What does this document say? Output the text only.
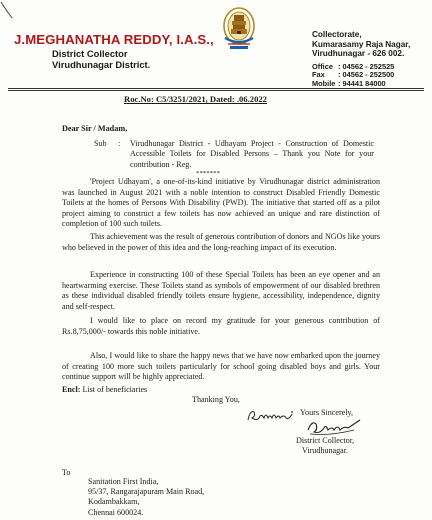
J.MEGHANATHA REDDY, I.A.S.,
District Collector
Virudhunagar District.
Collectorate,
Kumarasamy Raja Nagar,
Virudhunagar - 626 002.
Office : 04562 - 252525
Fax : 04562 - 252500
Mobile : 94441 84000
Roc.No: C5/3251/2021, Dated: .06.2022
Dear Sir / Madam,
Sub : Virudhunagar District - Udhayam Project - Construction of Domestic Accessible Toilets for Disabled Persons – Thank you Note for your contribution - Reg.
*******
'Project Udhayam', a one-of-its-kind initiative by Virudhunagar district administration was launched in August 2021 with a noble intention to construct Disabled Friendly Domestic Toilets at the homes of Persons With Disability (PWD). The initiative that started off as a pilot project aiming to construct a few toilets has now achieved an unique and rare distinction of completion of 100 such toilets.
This achievement was the result of generous contribution of donors and NGOs like yours who believed in the power of this idea and the long-reaching impact of its execution.
Experience in constructing 100 of these Special Toilets has been an eye opener and an heartwarming exercise. These Toilets stand as symbols of empowerment of our disabled brethren as these individual disabled friendly toilets ensure hygiene, accessibility, independence, dignity and self-respect.
I would like to place on record my gratitude for your generous contribution of Rs.8,75,000/- towards this noble initiative.
Also, I would like to share the happy news that we have now embarked upon the journey of creating 100 more such toilets particularly for school going disabled boys and girls. Your continue support will be highly appreciated.
Encl: List of beneficiaries
Thanking You,
Yours Sincerely,
District Collector,
Virudhunagar.
To
Sanitation First India,
95/37, Rangarajapuram Main Road,
Kodambakkam,
Chennai 600024.
